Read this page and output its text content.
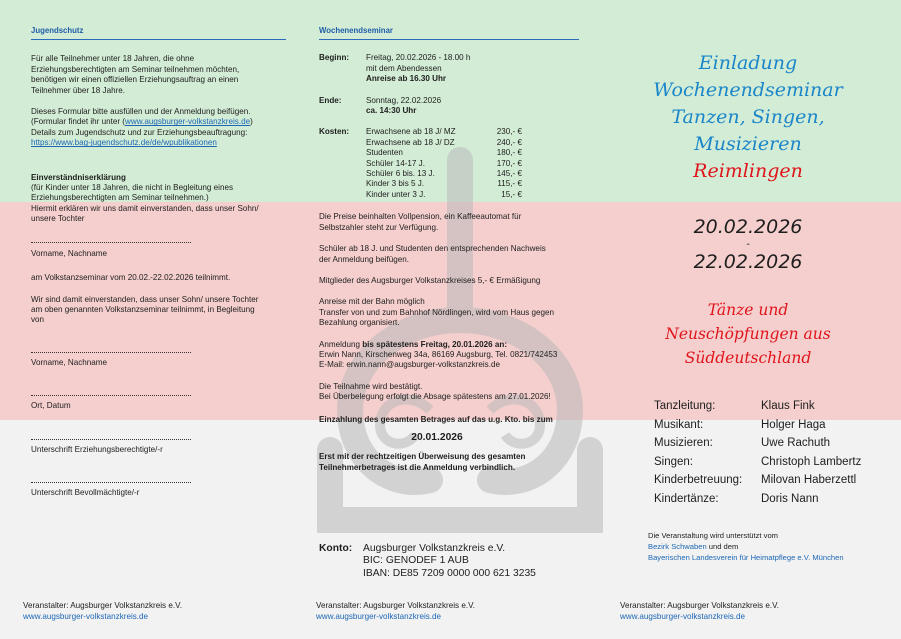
Jugendschutz

Für alle Teilnehmer unter 18 Jahren, die ohne

Erziehungsberechtigten am Seminar teilnehmen möchten,

benötigen wir einen offiziellen Erziehungsauftrag an einen

Teilnehmer über 18 Jahre.

Dieses Formular bitte ausfüllen und der Anmeldung beifügen.

(Formular findet ihr unter (www.augsburger-volkstanzkreis.de)

Details zum Jugendschutz und zur Erziehungsbeauftragung:

https://www.bag-jugendschutz.de/de/wpublikationen

Einverständniserklärung

(für Kinder unter 18 Jahren, die nicht in Begleitung eines

Erziehungsberechtigten am Seminar teilnehmen.)

Hiermit erklären wir uns damit einverstanden, dass unser Sohn/

unsere Tochter

Vorname, Nachname

am Volkstanzseminar vom 20.02.-22.02.2026 teilnimmt.

Wir sind damit einverstanden, dass unser Sohn/ unsere Tochter

am oben genannten Volkstanzseminar teilnimmt, in Begleitung

von

Vorname, Nachname

Ort, Datum

Unterschrift Erziehungsberechtigte/-r

Unterschrift Bevollmächtigte/-r

Wochenendseminar
Beginn:	Freitag, 20.02.2026 - 18.00 h

mit dem Abendessen

Anreise ab 16.30 Uhr

Ende:	Sonntag, 22.02.2026

ca. 14:30 Uhr

Kosten:	Erwachsene ab 18 J/ MZ	230,- €
Erwachsene ab 18 J/ DZ	240,- €
Studenten	180,- €
Schüler 14-17 J.	170,- €
Schüler 6 bis. 13 J.	145,- €
Kinder 3 bis 5 J.	115,- €
Kinder unter 3 J.	15,- €

Die Preise beinhalten Vollpension, ein Kaffeeautomat für

Selbstzahler steht zur Verfügung.

Schüler ab 18 J. und Studenten den entsprechenden Nachweis

der Anmeldung beifügen.

Mitglieder des Augsburger Volkstanzkreises 5,- € Ermäßigung

Anreise mit der Bahn möglich

Transfer von und zum Bahnhof Nördlingen, wird vom Haus gegen

Bezahlung organisiert.

Anmeldung bis spätestens Freitag, 20.01.2026 an:

Erwin Nann, Kirschenweg 34a, 86169 Augsburg, Tel. 0821/742453

E-Mail: erwin.nann@augsburger-volkstanzkreis.de

Die Teilnahme wird bestätigt.

Bei Überbelegung erfolgt die Absage spätestens am 27.01.2026!

Einzahlung des gesamten Betrages auf das u.g. Kto. bis zum

20.01.2026

Erst mit der rechtzeitigen Überweisung des gesamten

Teilnehmerbetrages ist die Anmeldung verbindlich.

Konto:	Augsburger Volkstanzkreis e.V.

BIC: GENODEF 1 AUB

IBAN: DE85 7209 0000 000 621 3235

Einladung

Wochenendseminar

Tanzen, Singen,

Musizieren

Reimlingen

20.02.2026

-

22.02.2026

Tänze und

Neuschöpfungen aus

Süddeutschland

Tanzleitung:	Klaus Fink
Musikant:	Holger Haga
Musizieren:	Uwe Rachuth
Singen:	Christoph Lambertz
Kinderbetreuung:	Milovan Haberzettl
Kindertänze:	Doris Nann

Die Veranstaltung wird unterstützt vom

Bezirk Schwaben und dem

Bayerischen Landesverein für Heimatpflege e.V. München

Veranstalter: Augsburger Volkstanzkreis e.V.

www.augsburger-volkstanzkreis.de

Veranstalter: Augsburger Volkstanzkreis e.V.

www.augsburger-volkstanzkreis.de

Veranstalter: Augsburger Volkstanzkreis e.V.

www.augsburger-volkstanzkreis.de
